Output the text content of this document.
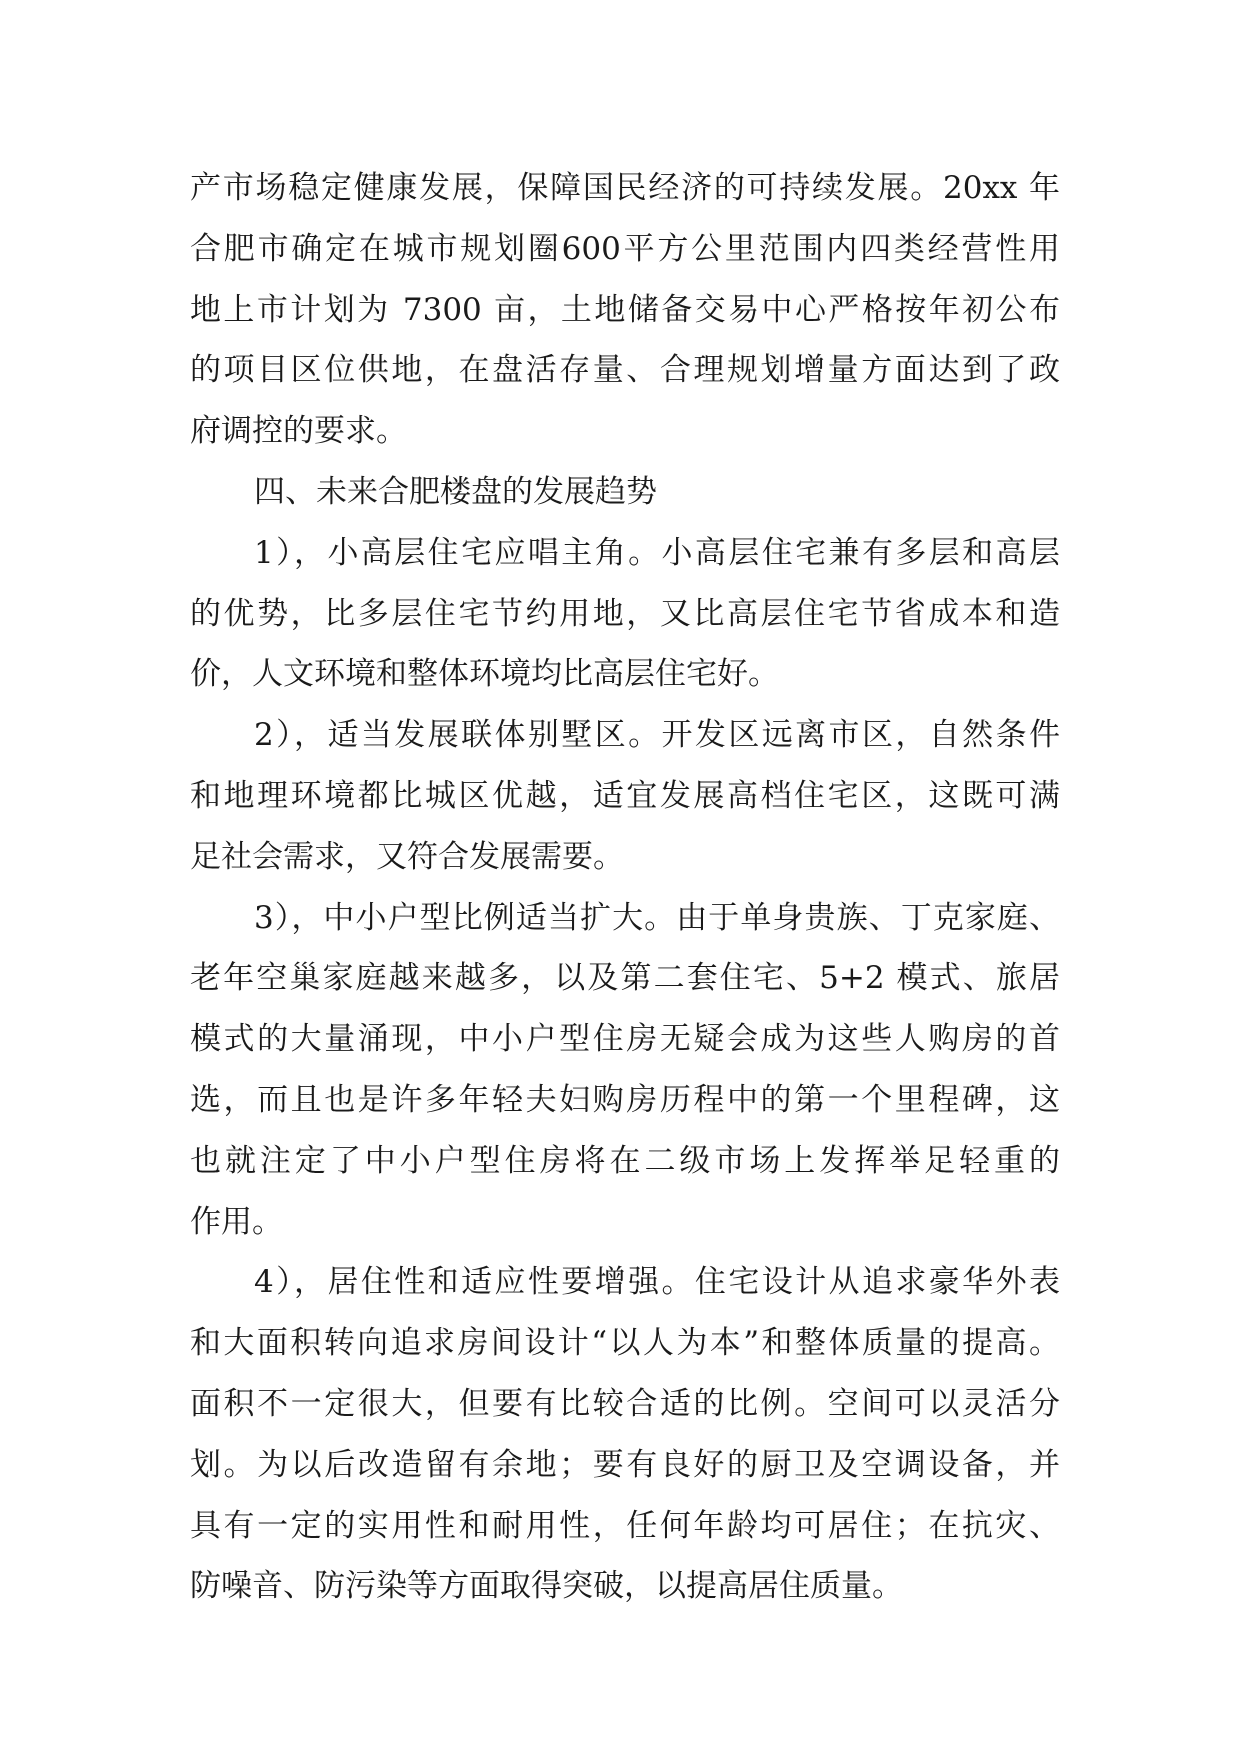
产市场稳定健康发展，保障国民经济的可持续发展。20xx 年
合肥市确定在城市规划圈600平方公里范围内四类经营性用
地上市计划为 7300 亩，土地储备交易中心严格按年初公布
的项目区位供地，在盘活存量、合理规划增量方面达到了政
府调控的要求。
四、未来合肥楼盘的发展趋势
1），小高层住宅应唱主角。小高层住宅兼有多层和高层
的优势，比多层住宅节约用地，又比高层住宅节省成本和造
价，人文环境和整体环境均比高层住宅好。
2），适当发展联体别墅区。开发区远离市区，自然条件
和地理环境都比城区优越，适宜发展高档住宅区，这既可满
足社会需求，又符合发展需要。
3），中小户型比例适当扩大。由于单身贵族、丁克家庭、
老年空巢家庭越来越多，以及第二套住宅、5+2 模式、旅居
模式的大量涌现，中小户型住房无疑会成为这些人购房的首
选，而且也是许多年轻夫妇购房历程中的第一个里程碑，这
也就注定了中小户型住房将在二级市场上发挥举足轻重的
作用。
4），居住性和适应性要增强。住宅设计从追求豪华外表
和大面积转向追求房间设计“以人为本”和整体质量的提高。
面积不一定很大，但要有比较合适的比例。空间可以灵活分
划。为以后改造留有余地；要有良好的厨卫及空调设备，并
具有一定的实用性和耐用性，任何年龄均可居住；在抗灾、
防噪音、防污染等方面取得突破，以提高居住质量。
